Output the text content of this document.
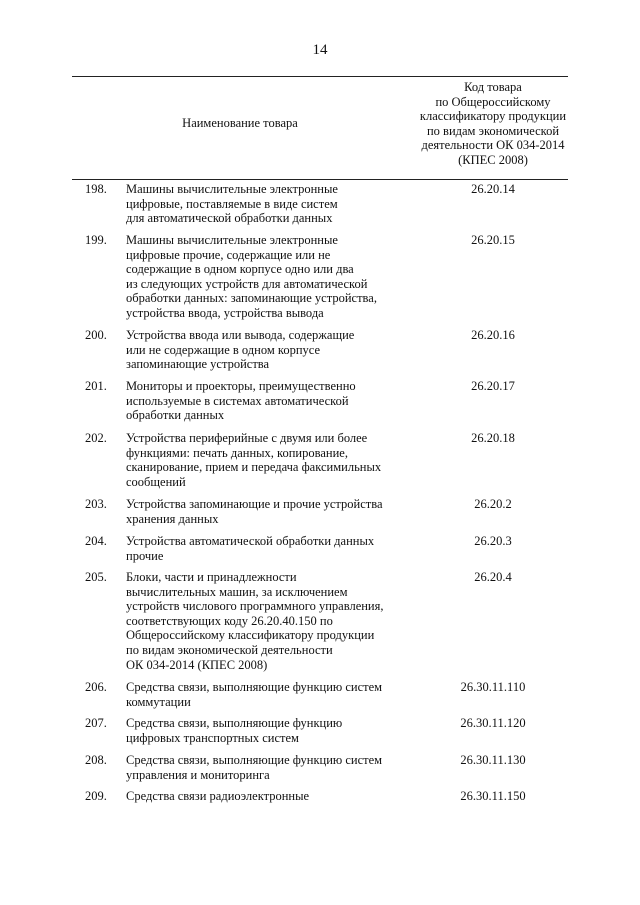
14
Наименование товара
Код товара
по Общероссийскому
классификатору продукции
по видам экономической
деятельности ОК 034-2014
(КПЕС 2008)
198.	Машины вычислительные электронные
цифровые, поставляемые в виде систем
для автоматической обработки данных
26.20.14
199.	Машины вычислительные электронные
цифровые прочие, содержащие или не
содержащие в одном корпусе одно или два
из следующих устройств для автоматической
обработки данных: запоминающие устройства,
устройства ввода, устройства вывода
26.20.15
200.	Устройства ввода или вывода, содержащие
или не содержащие в одном корпусе
запоминающие устройства
26.20.16
201.	Мониторы и проекторы, преимущественно
используемые в системах автоматической
обработки данных
26.20.17
202.	Устройства периферийные с двумя или более
функциями: печать данных, копирование,
сканирование, прием и передача факсимильных
сообщений
26.20.18
203.	Устройства запоминающие и прочие устройства
хранения данных
26.20.2
204.	Устройства автоматической обработки данных
прочие
26.20.3
205.	Блоки, части и принадлежности
вычислительных машин, за исключением
устройств числового программного управления,
соответствующих коду 26.20.40.150 по
Общероссийскому классификатору продукции
по видам экономической деятельности
ОК 034-2014 (КПЕС 2008)
26.20.4
206.	Средства связи, выполняющие функцию систем
коммутации
26.30.11.110
207.	Средства связи, выполняющие функцию
цифровых транспортных систем
26.30.11.120
208.	Средства связи, выполняющие функцию систем
управления и мониторинга
26.30.11.130
209.	Средства связи радиоэлектронные	26.30.11.150
